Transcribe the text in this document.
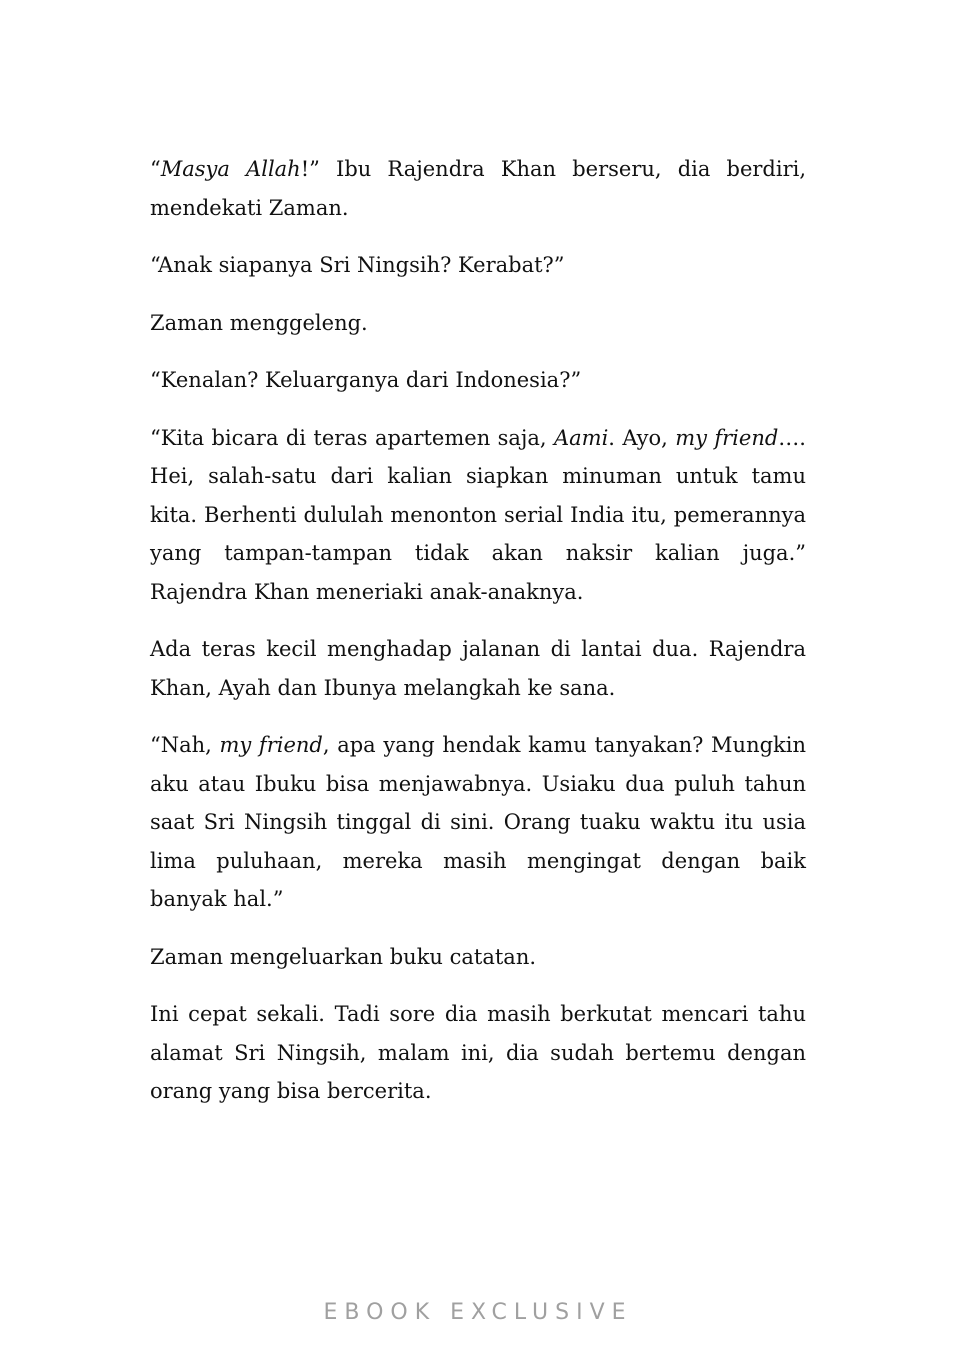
“Masya Allah!” Ibu Rajendra Khan berseru, dia berdiri, mendekati Zaman.

“Anak siapanya Sri Ningsih? Kerabat?”

Zaman menggeleng.

“Kenalan? Keluarganya dari Indonesia?”

“Kita bicara di teras apartemen saja, Aami. Ayo, my friend…. Hei, salah-satu dari kalian siapkan minuman untuk tamu kita. Berhenti dululah menonton serial India itu, pemerannya yang tampan-tampan tidak akan naksir kalian juga.” Rajendra Khan meneriaki anak-anaknya.

Ada teras kecil menghadap jalanan di lantai dua. Rajendra Khan, Ayah dan Ibunya melangkah ke sana.

“Nah, my friend, apa yang hendak kamu tanyakan? Mungkin aku atau Ibuku bisa menjawabnya. Usiaku dua puluh tahun saat Sri Ningsih tinggal di sini. Orang tuaku waktu itu usia lima puluhaan, mereka masih mengingat dengan baik banyak hal.”

Zaman mengeluarkan buku catatan.

Ini cepat sekali. Tadi sore dia masih berkutat mencari tahu alamat Sri Ningsih, malam ini, dia sudah bertemu dengan orang yang bisa bercerita.

EBOOK EXCLUSIVE
